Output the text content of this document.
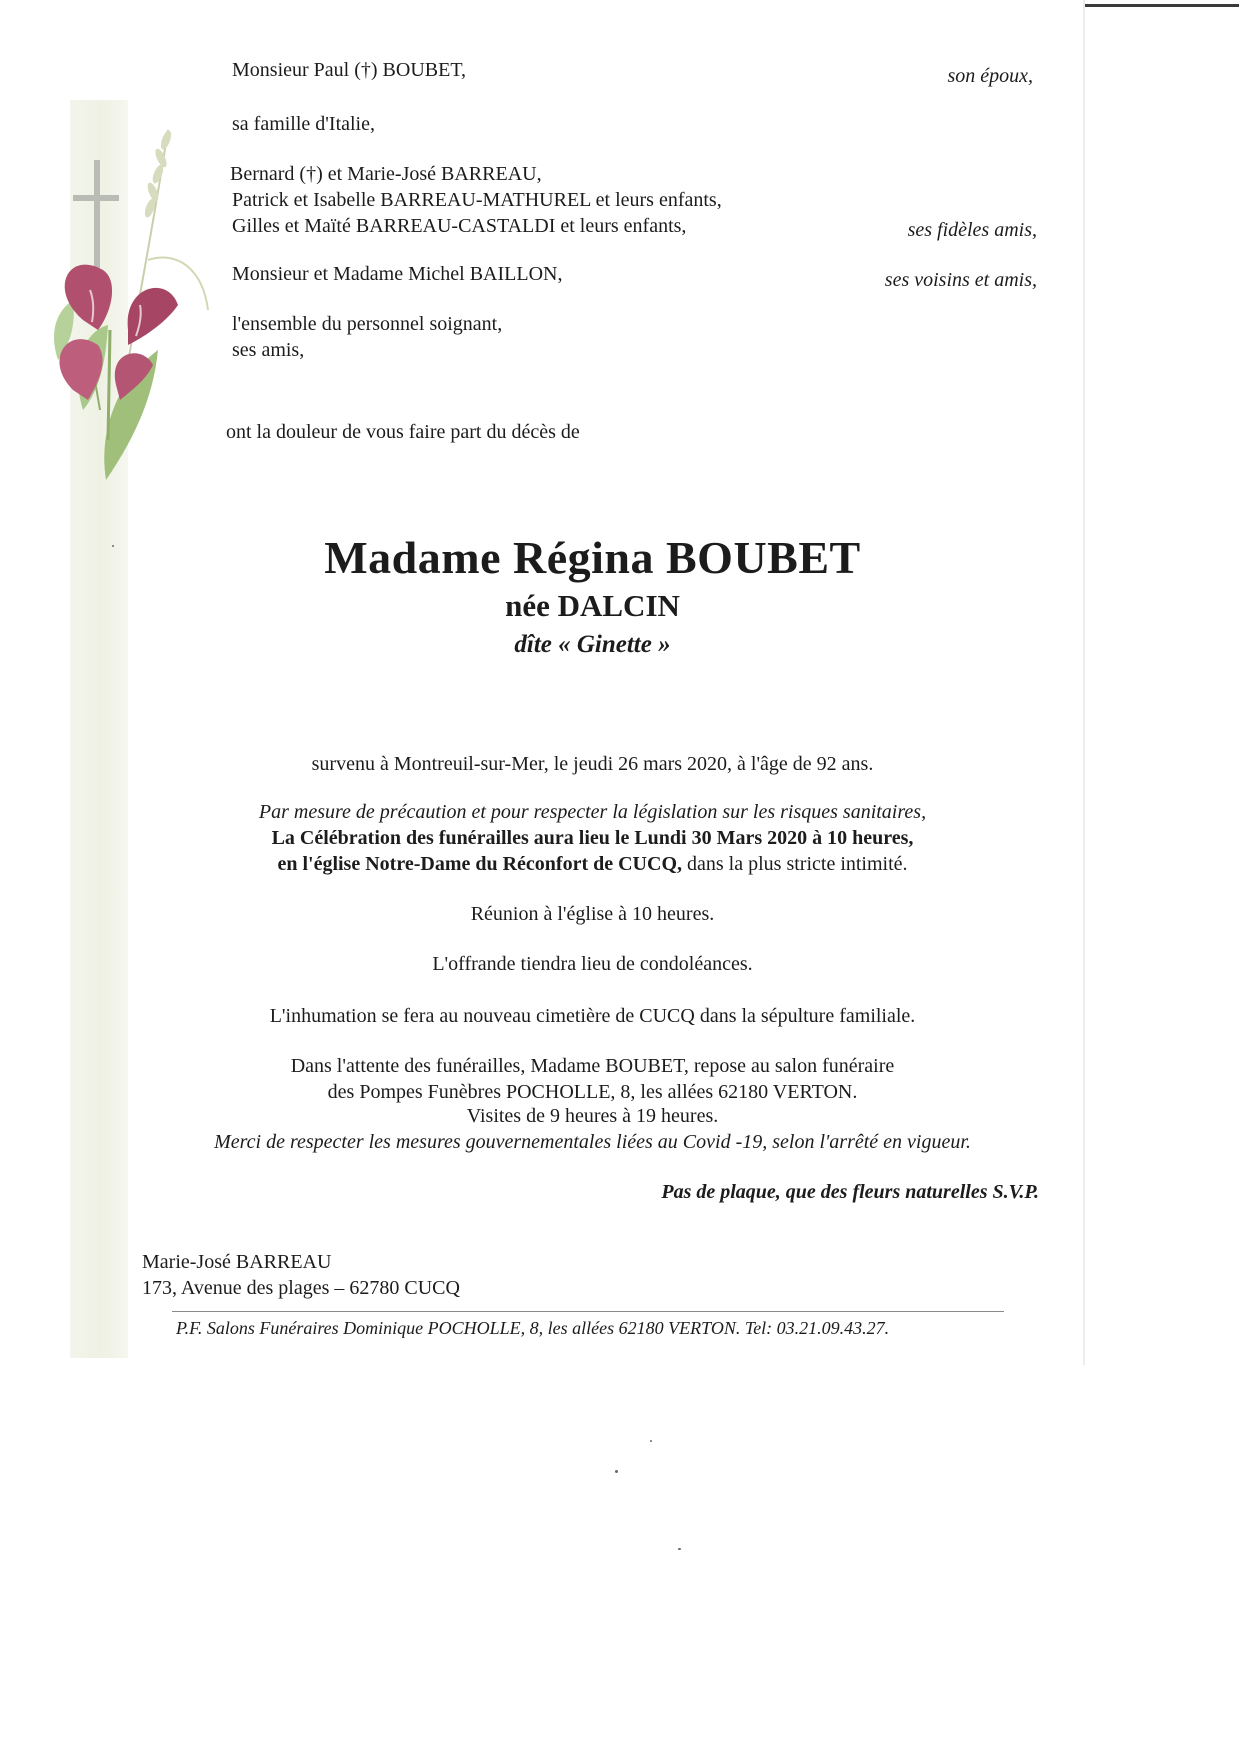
Monsieur Paul (†) BOUBET,	son époux,
sa famille d'Italie,
Bernard (†) et Marie-José BARREAU,
Patrick et Isabelle BARREAU-MATHUREL et leurs enfants,
Gilles et Maïté BARREAU-CASTALDI et leurs enfants,	ses fidèles amis,
Monsieur et Madame Michel BAILLON,	ses voisins et amis,
l'ensemble du personnel soignant,
ses amis,
ont la douleur de vous faire part du décès de
Madame Régina BOUBET
née DALCIN
dîte « Ginette »
survenu à Montreuil-sur-Mer, le jeudi 26 mars 2020, à l'âge de 92 ans.
Par mesure de précaution et pour respecter la législation sur les risques sanitaires,
La Célébration des funérailles aura lieu le Lundi 30 Mars 2020 à 10 heures,
en l'église Notre-Dame du Réconfort de CUCQ, dans la plus stricte intimité.
Réunion à l'église à 10 heures.
L'offrande tiendra lieu de condoléances.
L'inhumation se fera au nouveau cimetière de CUCQ dans la sépulture familiale.
Dans l'attente des funérailles, Madame BOUBET, repose au salon funéraire
des Pompes Funèbres POCHOLLE, 8, les allées 62180 VERTON.
Visites de 9 heures à 19 heures.
Merci de respecter les mesures gouvernementales liées au Covid -19, selon l'arrêté en vigueur.
Pas de plaque, que des fleurs naturelles S.V.P.
Marie-José BARREAU
173, Avenue des plages – 62780 CUCQ
P.F. Salons Funéraires Dominique POCHOLLE, 8, les allées 62180 VERTON. Tel: 03.21.09.43.27.
